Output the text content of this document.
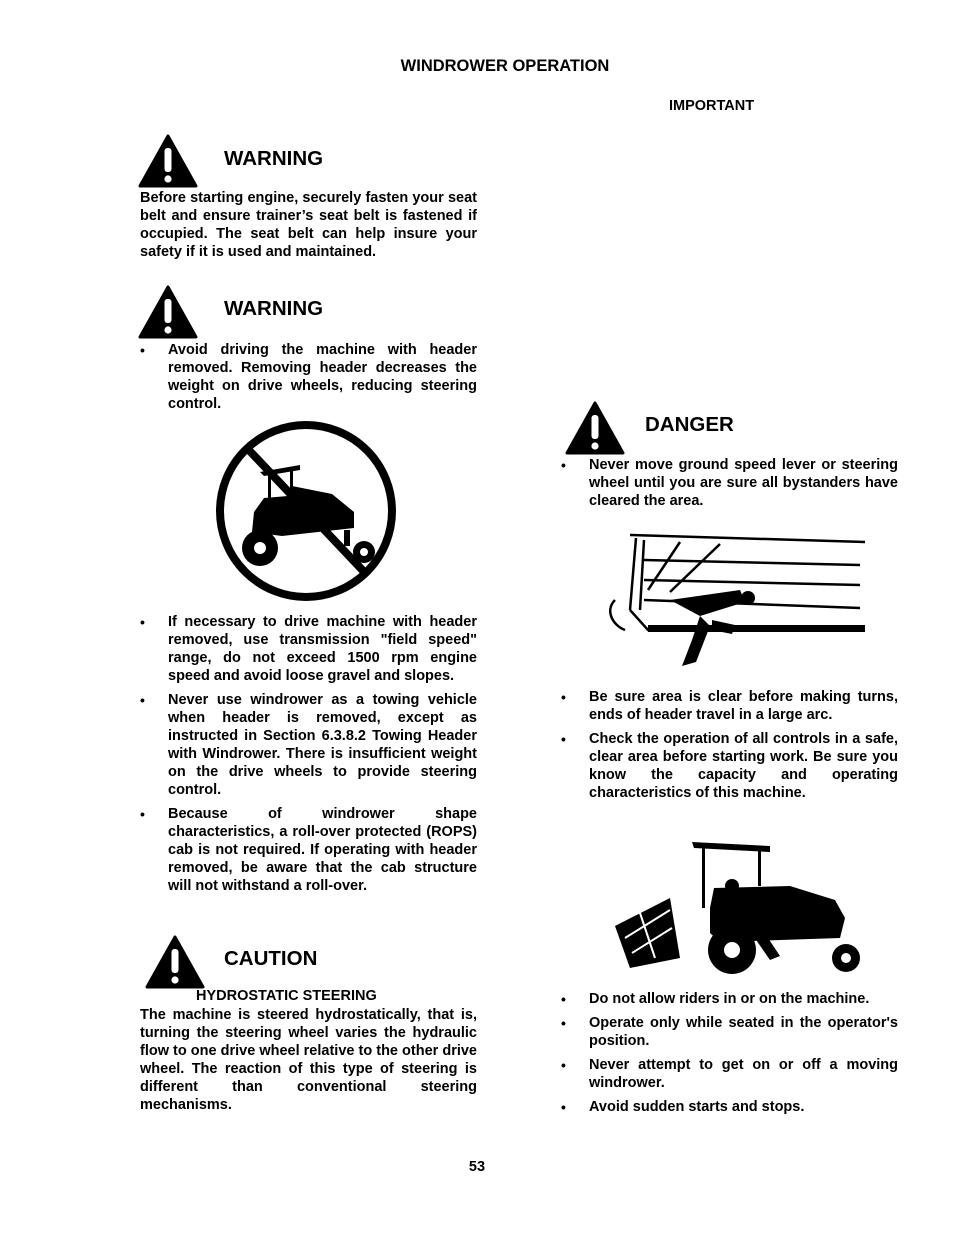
WINDROWER OPERATION
IMPORTANT
WARNING
Before starting engine, securely fasten your seat belt and ensure trainer’s seat belt is fastened if occupied. The seat belt can help insure your safety if it is used and maintained.
WARNING
• Avoid driving the machine with header removed. Removing header decreases the weight on drive wheels, reducing steering control.
• If necessary to drive machine with header removed, use transmission "field speed" range, do not exceed 1500 rpm engine speed and avoid loose gravel and slopes.
• Never use windrower as a towing vehicle when header is removed, except as instructed in Section 6.3.8.2 Towing Header with Windrower. There is insufficient weight on the drive wheels to provide steering control.
• Because of windrower shape characteristics, a roll-over protected (ROPS) cab is not required. If operating with header removed, be aware that the cab structure will not withstand a roll-over.
CAUTION
HYDROSTATIC STEERING
The machine is steered hydrostatically, that is, turning the steering wheel varies the hydraulic flow to one drive wheel relative to the other drive wheel. The reaction of this type of steering is different than conventional steering mechanisms.
DANGER
• Never move ground speed lever or steering wheel until you are sure all bystanders have cleared the area.
• Be sure area is clear before making turns, ends of header travel in a large arc.
• Check the operation of all controls in a safe, clear area before starting work. Be sure you know the capacity and operating characteristics of this machine.
• Do not allow riders in or on the machine.
• Operate only while seated in the operator's position.
• Never attempt to get on or off a moving windrower.
• Avoid sudden starts and stops.
53
